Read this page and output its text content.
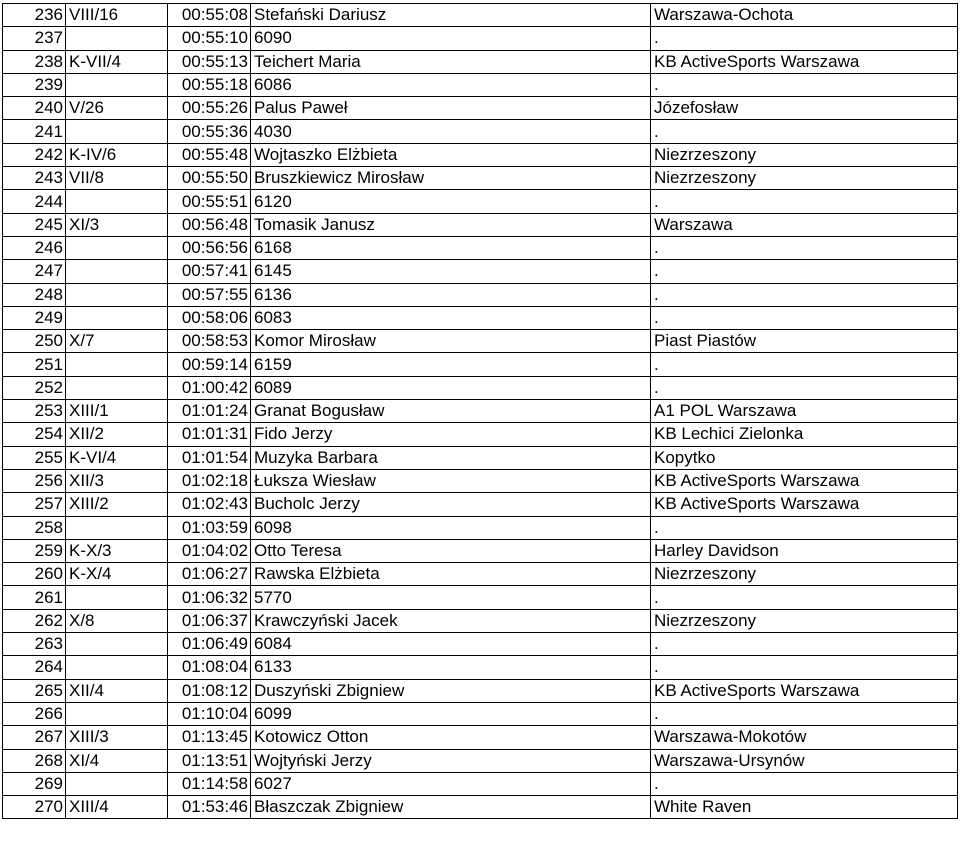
236	VIII/16	00:55:08	Stefański Dariusz	Warszawa-Ochota
237		00:55:10	6090	.
238	K-VII/4	00:55:13	Teichert Maria	KB ActiveSports Warszawa
239		00:55:18	6086	.
240	V/26	00:55:26	Palus Paweł	Józefosław
241		00:55:36	4030	.
242	K-IV/6	00:55:48	Wojtaszko Elżbieta	Niezrzeszony
243	VII/8	00:55:50	Bruszkiewicz Mirosław	Niezrzeszony
244		00:55:51	6120	.
245	XI/3	00:56:48	Tomasik Janusz	Warszawa
246		00:56:56	6168	.
247		00:57:41	6145	.
248		00:57:55	6136	.
249		00:58:06	6083	.
250	X/7	00:58:53	Komor Mirosław	Piast Piastów
251		00:59:14	6159	.
252		01:00:42	6089	.
253	XIII/1	01:01:24	Granat Bogusław	A1 POL Warszawa
254	XII/2	01:01:31	Fido Jerzy	KB Lechici Zielonka
255	K-VI/4	01:01:54	Muzyka Barbara	Kopytko
256	XII/3	01:02:18	Łuksza Wiesław	KB ActiveSports Warszawa
257	XIII/2	01:02:43	Bucholc Jerzy	KB ActiveSports Warszawa
258		01:03:59	6098	.
259	K-X/3	01:04:02	Otto Teresa	Harley Davidson
260	K-X/4	01:06:27	Rawska Elżbieta	Niezrzeszony
261		01:06:32	5770	.
262	X/8	01:06:37	Krawczyński Jacek	Niezrzeszony
263		01:06:49	6084	.
264		01:08:04	6133	.
265	XII/4	01:08:12	Duszyński Zbigniew	KB ActiveSports Warszawa
266		01:10:04	6099	.
267	XIII/3	01:13:45	Kotowicz Otton	Warszawa-Mokotów
268	XI/4	01:13:51	Wojtyński Jerzy	Warszawa-Ursynów
269		01:14:58	6027	.
270	XIII/4	01:53:46	Błaszczak Zbigniew	White Raven
